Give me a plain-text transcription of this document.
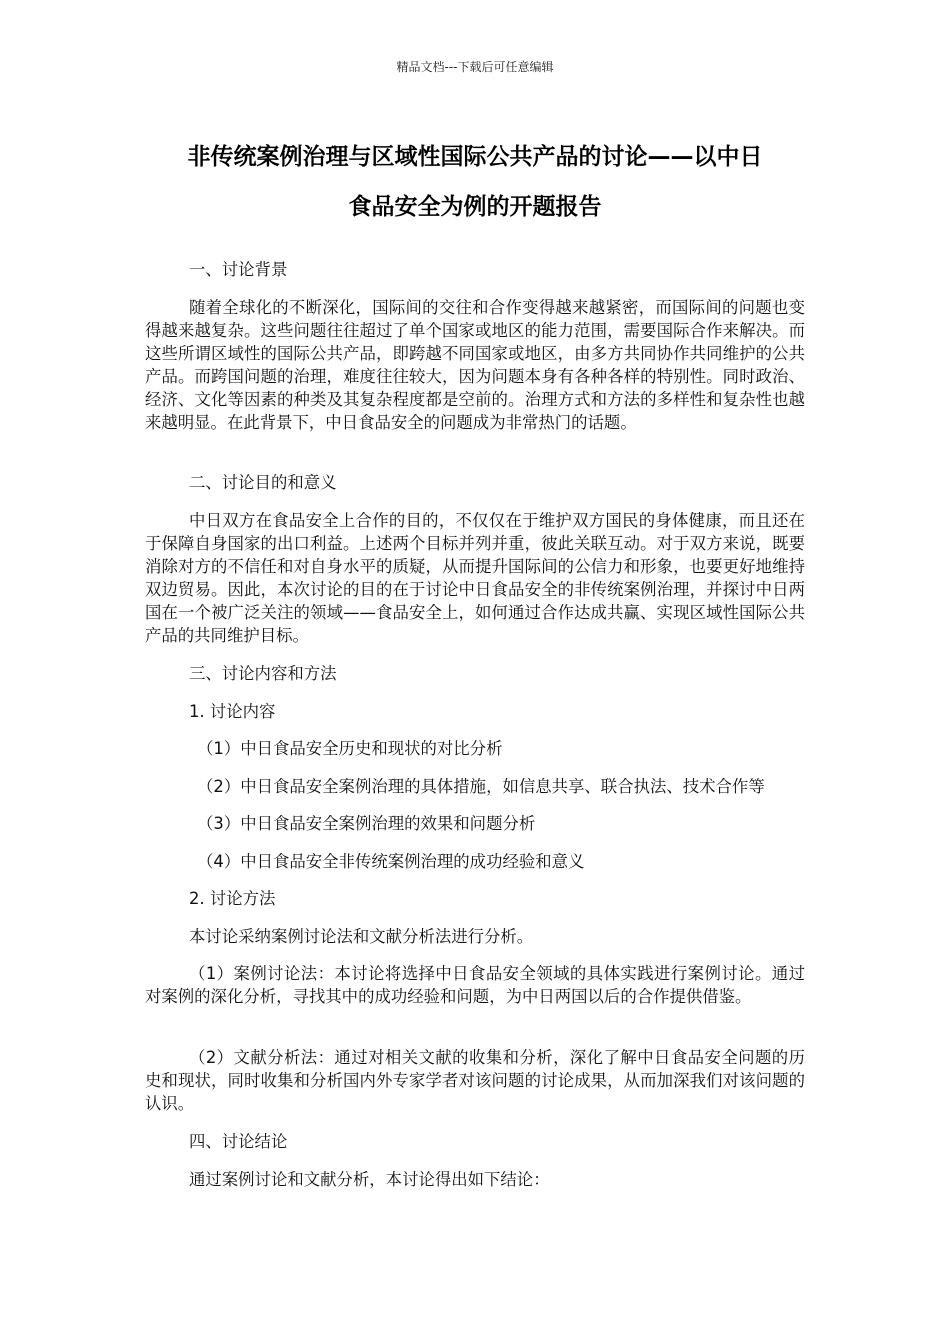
精品文档---下载后可任意编辑
非传统案例治理与区域性国际公共产品的讨论——以中日
食品安全为例的开题报告

一、讨论背景

随着全球化的不断深化，国际间的交往和合作变得越来越紧密，而国际间的问题也变得越来越复杂。这些问题往往超过了单个国家或地区的能力范围，需要国际合作来解决。而这些所谓区域性的国际公共产品，即跨越不同国家或地区，由多方共同协作共同维护的公共产品。而跨国问题的治理，难度往往较大，因为问题本身有各种各样的特别性。同时政治、经济、文化等因素的种类及其复杂程度都是空前的。治理方式和方法的多样性和复杂性也越来越明显。在此背景下，中日食品安全的问题成为非常热门的话题。

二、讨论目的和意义

中日双方在食品安全上合作的目的，不仅仅在于维护双方国民的身体健康，而且还在于保障自身国家的出口利益。上述两个目标并列并重，彼此关联互动。对于双方来说，既要消除对方的不信任和对自身水平的质疑，从而提升国际间的公信力和形象，也要更好地维持双边贸易。因此，本次讨论的目的在于讨论中日食品安全的非传统案例治理，并探讨中日两国在一个被广泛关注的领域——食品安全上，如何通过合作达成共赢、实现区域性国际公共产品的共同维护目标。

三、讨论内容和方法

1. 讨论内容

（1）中日食品安全历史和现状的对比分析

（2）中日食品安全案例治理的具体措施，如信息共享、联合执法、技术合作等

（3）中日食品安全案例治理的效果和问题分析

（4）中日食品安全非传统案例治理的成功经验和意义

2. 讨论方法

本讨论采纳案例讨论法和文献分析法进行分析。

（1）案例讨论法：本讨论将选择中日食品安全领域的具体实践进行案例讨论。通过对案例的深化分析，寻找其中的成功经验和问题，为中日两国以后的合作提供借鉴。

（2）文献分析法：通过对相关文献的收集和分析，深化了解中日食品安全问题的历史和现状，同时收集和分析国内外专家学者对该问题的讨论成果，从而加深我们对该问题的认识。

四、讨论结论

通过案例讨论和文献分析，本讨论得出如下结论：
